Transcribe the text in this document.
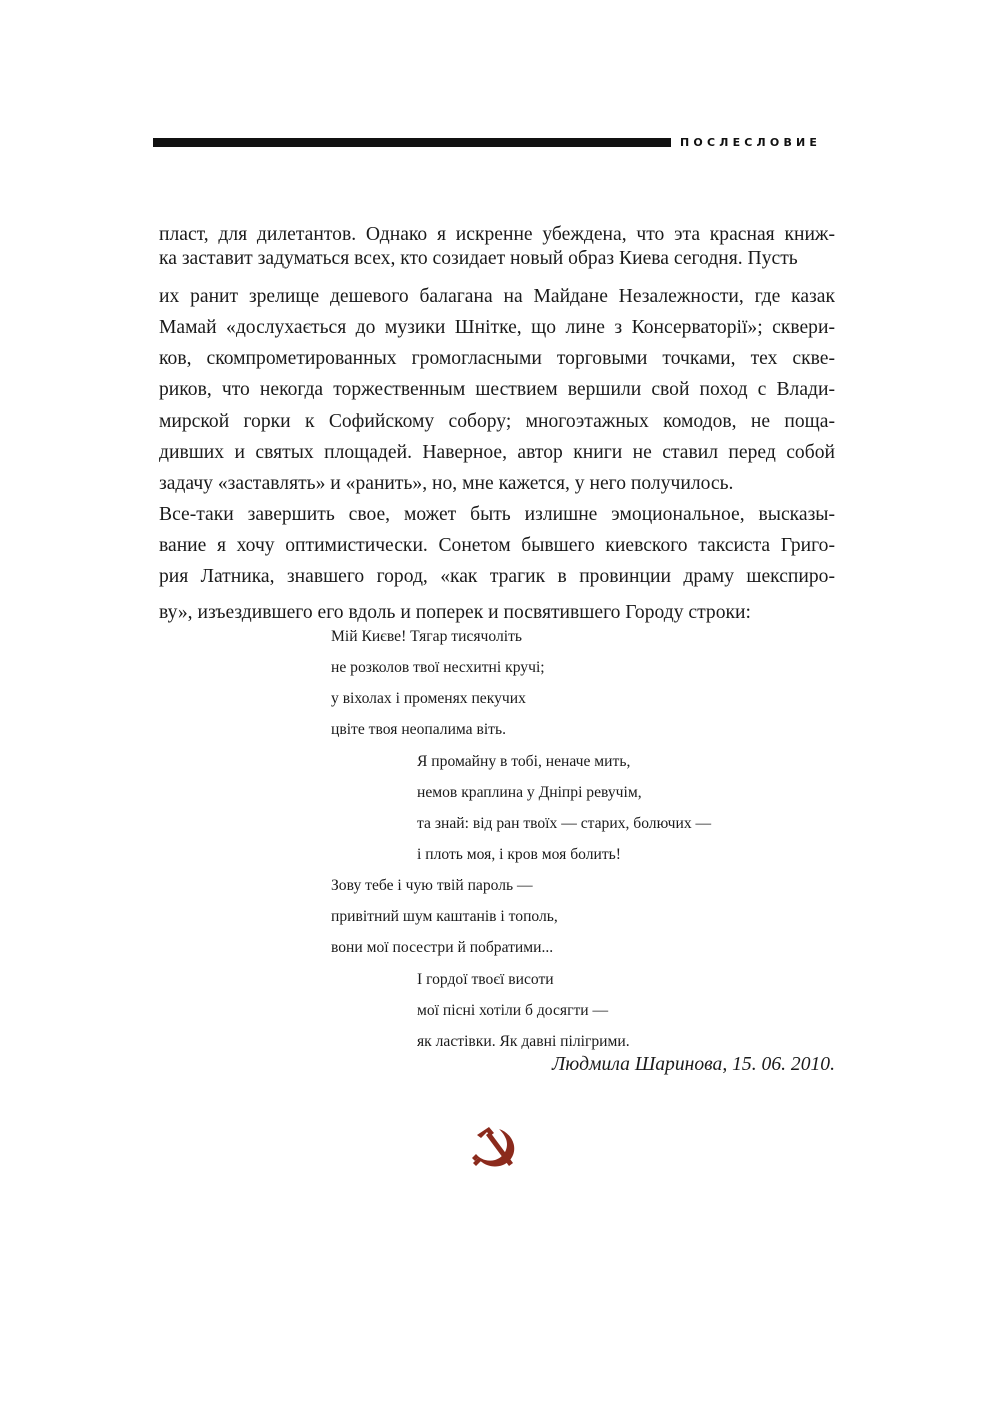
ПОСЛЕСЛОВИЕ
пласт, для дилетантов. Однако я искренне убеждена, что эта красная книж-
ка заставит задуматься всех, кто созидает новый образ Киева сегодня. Пусть
их ранит зрелище дешевого балагана на Майдане Незалежности, где казак
Мамай «дослухається до музики Шнітке, що лине з Консерваторії»; сквери-
ков, скомпрометированных громогласными торговыми точками, тех скве-
риков, что некогда торжественным шествием вершили свой поход с Влади-
мирской горки к Софийскому собору; многоэтажных комодов, не поща-
дивших и святых площадей. Наверное, автор книги не ставил перед собой
задачу «заставлять» и «ранить», но, мне кажется, у него получилось.
Все-таки завершить свое, может быть излишне эмоциональное, высказы-
вание я хочу оптимистически. Сонетом бывшего киевского таксиста Григо-
рия Латника, знавшего город, «как трагик в провинции драму шекспиро-
ву», изъездившего его вдоль и поперек и посвятившего Городу строки:
Мій Києве! Тягар тисячоліть
не розколов твої несхитні кручі;
у віхолах і променях пекучих
цвіте твоя неопалима віть.
Я промайну в тобі, неначе мить,
немов краплина у Дніпрі ревучім,
та знай: від ран твоїх — старих, болючих —
і плоть моя, і кров моя болить!
Зову тебе і чую твій пароль —
привітний шум каштанів і тополь,
вони мої посестри й побратими...
І гордої твоєї висоти
мої пісні хотіли б досягти —
як ластівки. Як давні пілігрими.
Людмила Шаринова, 15. 06. 2010.
